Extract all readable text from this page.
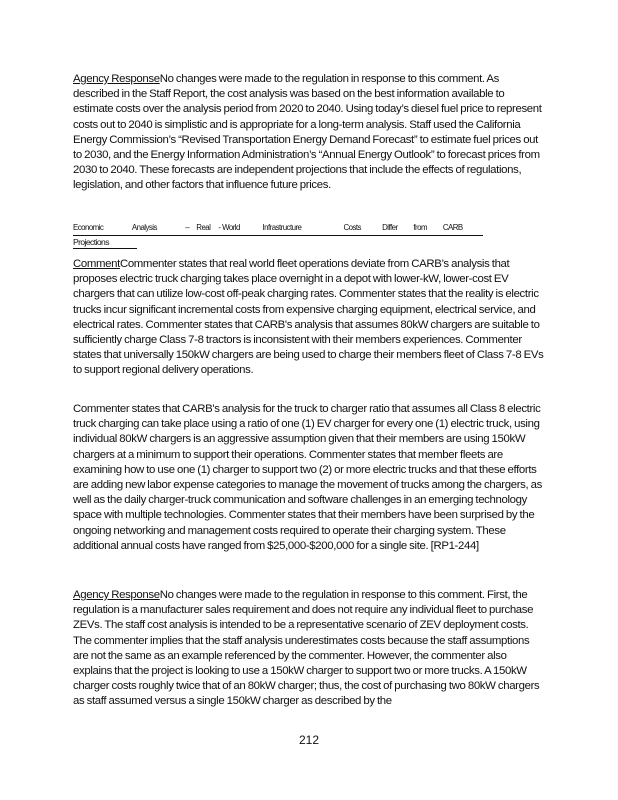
Agency ResponseNo changes were made to the regulation in response to this comment. As described in the Staff Report, the cost analysis was based on the best information available to estimate costs over the analysis period from 2020 to 2040. Using today’s diesel fuel price to represent costs out to 2040 is simplistic and is appropriate for a long-term analysis. Staff used the California Energy Commission’s “Revised Transportation Energy Demand Forecast” to estimate fuel prices out to 2030, and the Energy Information Administration’s “Annual Energy Outlook” to forecast prices from 2030 to 2040. These forecasts are independent projections that include the effects of regulations, legislation, and other factors that influence future prices.

Economic	Analysis	– Real - World	Infrastructure	Costs Differ from CARB
Projections

CommentCommenter states that real world fleet operations deviate from CARB’s analysis that proposes electric truck charging takes place overnight in a depot with lower-kW, lower-cost EV chargers that can utilize low-cost off-peak charging rates. Commenter states that the reality is electric trucks incur significant incremental costs from expensive charging equipment, electrical service, and electrical rates. Commenter states that CARB's analysis that assumes 80kW chargers are suitable to sufficiently charge Class 7-8 tractors is inconsistent with their members experiences. Commenter states that universally 150kW chargers are being used to charge their members fleet of Class 7-8 EVs to support regional delivery operations.

Commenter states that CARB's analysis for the truck to charger ratio that assumes all Class 8 electric truck charging can take place using a ratio of one (1) EV charger for every one (1) electric truck, using individual 80kW chargers is an aggressive assumption given that their members are using 150kW chargers at a minimum to support their operations. Commenter states that member fleets are examining how to use one (1) charger to support two (2) or more electric trucks and that these efforts are adding new labor expense categories to manage the movement of trucks among the chargers, as well as the daily charger-truck communication and software challenges in an emerging technology space with multiple technologies. Commenter states that their members have been surprised by the ongoing networking and management costs required to operate their charging system. These additional annual costs have ranged from $25,000-$200,000 for a single site. [RP1-244]

Agency ResponseNo changes were made to the regulation in response to this comment. First, the regulation is a manufacturer sales requirement and does not require any individual fleet to purchase ZEVs. The staff cost analysis is intended to be a representative scenario of ZEV deployment costs. The commenter implies that the staff analysis underestimates costs because the staff assumptions are not the same as an example referenced by the commenter. However, the commenter also explains that the project is looking to use a 150kW charger to support two or more trucks. A 150kW charger costs roughly twice that of an 80kW charger; thus, the cost of purchasing two 80kW chargers as staff assumed versus a single 150kW charger as described by the

212
